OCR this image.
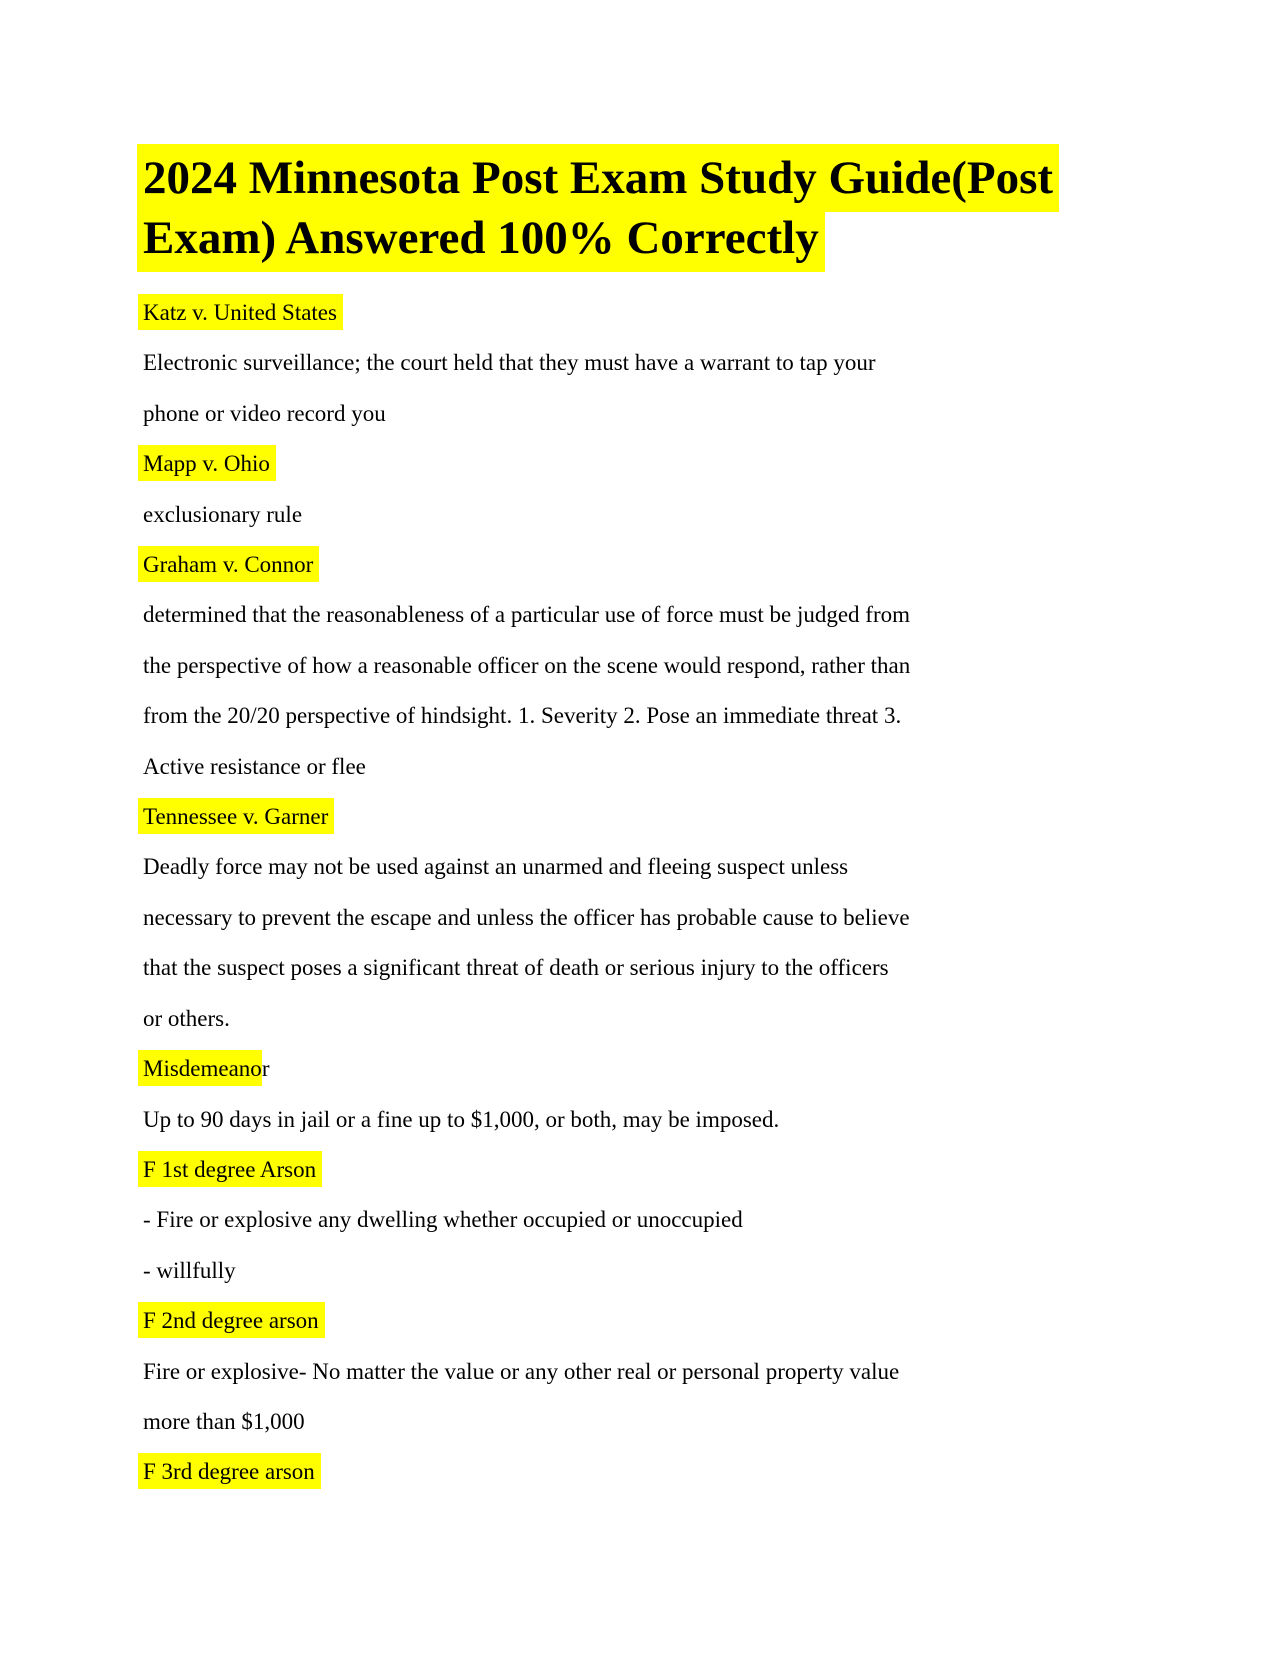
2024 Minnesota Post Exam Study Guide(Post
Exam) Answered 100% Correctly
Katz v. United States
Electronic surveillance; the court held that they must have a warrant to tap your
phone or video record you
Mapp v. Ohio
exclusionary rule
Graham v. Connor
determined that the reasonableness of a particular use of force must be judged from
the perspective of how a reasonable officer on the scene would respond, rather than
from the 20/20 perspective of hindsight. 1. Severity 2. Pose an immediate threat 3.
Active resistance or flee
Tennessee v. Garner
Deadly force may not be used against an unarmed and fleeing suspect unless
necessary to prevent the escape and unless the officer has probable cause to believe
that the suspect poses a significant threat of death or serious injury to the officers
or others.
Misdemeanor
Up to 90 days in jail or a fine up to $1,000, or both, may be imposed.
F 1st degree Arson
- Fire or explosive any dwelling whether occupied or unoccupied
- willfully
F 2nd degree arson
Fire or explosive- No matter the value or any other real or personal property value
more than $1,000
F 3rd degree arson
